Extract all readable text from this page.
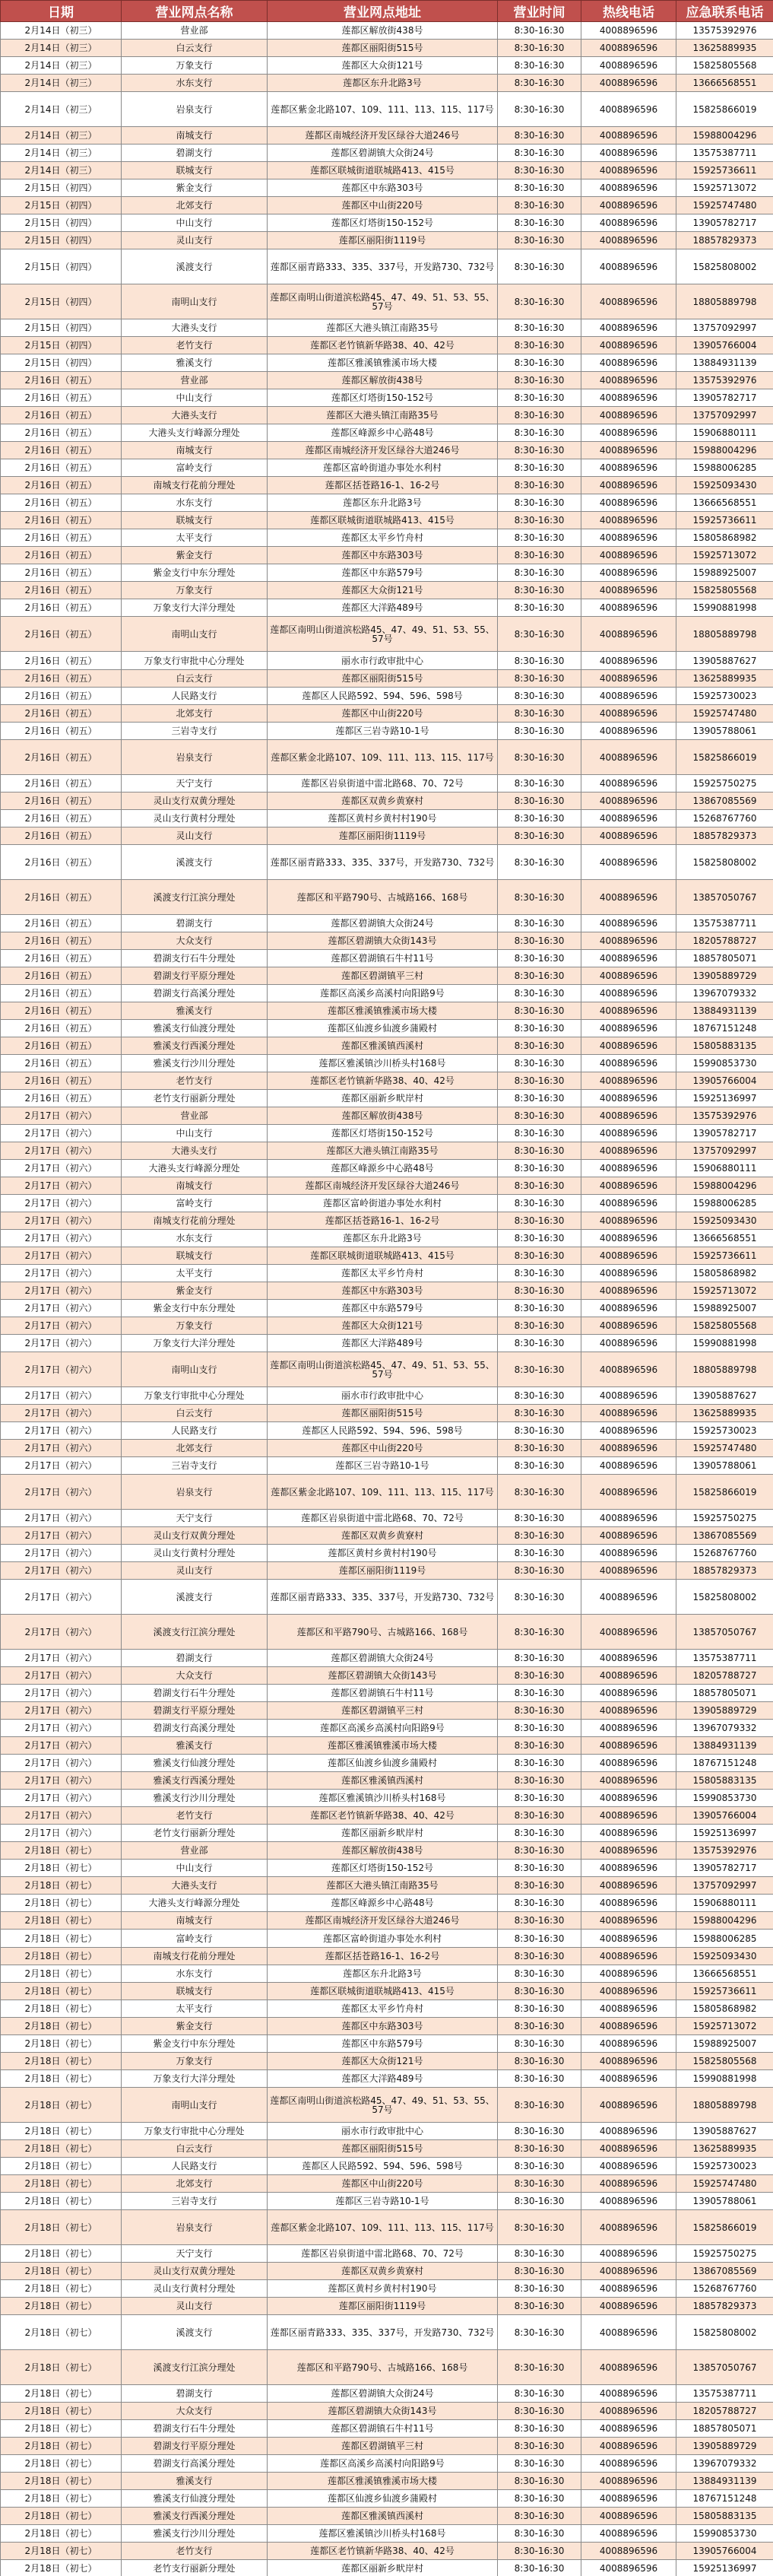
日期	营业网点名称	营业网点地址	营业时间	热线电话	应急联系电话
2月14日（初三）	营业部	莲都区解放街438号	8:30-16:30	4008896596	13575392976
2月14日（初三）	白云支行	莲都区丽阳街515号	8:30-16:30	4008896596	13625889935
2月14日（初三）	万象支行	莲都区大众街121号	8:30-16:30	4008896596	15825805568
2月14日（初三）	水东支行	莲都区东升北路3号	8:30-16:30	4008896596	13666568551
2月14日（初三）	岩泉支行	莲都区紫金北路107、109、111、113、115、117号	8:30-16:30	4008896596	15825866019
2月14日（初三）	南城支行	莲都区南城经济开发区绿谷大道246号	8:30-16:30	4008896596	15988004296
2月14日（初三）	碧湖支行	莲都区碧湖镇大众街24号	8:30-16:30	4008896596	13575387711
2月14日（初三）	联城支行	莲都区联城街道联城路413、415号	8:30-16:30	4008896596	15925736611
2月15日（初四）	紫金支行	莲都区中东路303号	8:30-16:30	4008896596	15925713072
2月15日（初四）	北郊支行	莲都区中山街220号	8:30-16:30	4008896596	15925747480
2月15日（初四）	中山支行	莲都区灯塔街150-152号	8:30-16:30	4008896596	13905782717
2月15日（初四）	灵山支行	莲都区丽阳街1119号	8:30-16:30	4008896596	18857829373
2月15日（初四）	溪渡支行	莲都区丽青路333、335、337号，开发路730、732号	8:30-16:30	4008896596	15825808002
2月15日（初四）	南明山支行	莲都区南明山街道滨松路45、47、49、51、53、55、57号	8:30-16:30	4008896596	18805889798
2月15日（初四）	大港头支行	莲都区大港头镇江南路35号	8:30-16:30	4008896596	13757092997
2月15日（初四）	老竹支行	莲都区老竹镇新华路38、40、42号	8:30-16:30	4008896596	13905766004
2月15日（初四）	雅溪支行	莲都区雅溪镇雅溪市场大楼	8:30-16:30	4008896596	13884931139
2月16日（初五）	营业部	莲都区解放街438号	8:30-16:30	4008896596	13575392976
2月16日（初五）	中山支行	莲都区灯塔街150-152号	8:30-16:30	4008896596	13905782717
2月16日（初五）	大港头支行	莲都区大港头镇江南路35号	8:30-16:30	4008896596	13757092997
2月16日（初五）	大港头支行峰源分理处	莲都区峰源乡中心路48号	8:30-16:30	4008896596	15906880111
2月16日（初五）	南城支行	莲都区南城经济开发区绿谷大道246号	8:30-16:30	4008896596	15988004296
2月16日（初五）	富岭支行	莲都区富岭街道办事处水利村	8:30-16:30	4008896596	15988006285
2月16日（初五）	南城支行花前分理处	莲都区括苍路16-1、16-2号	8:30-16:30	4008896596	15925093430
2月16日（初五）	水东支行	莲都区东升北路3号	8:30-16:30	4008896596	13666568551
2月16日（初五）	联城支行	莲都区联城街道联城路413、415号	8:30-16:30	4008896596	15925736611
2月16日（初五）	太平支行	莲都区太平乡竹舟村	8:30-16:30	4008896596	15805868982
2月16日（初五）	紫金支行	莲都区中东路303号	8:30-16:30	4008896596	15925713072
2月16日（初五）	紫金支行中东分理处	莲都区中东路579号	8:30-16:30	4008896596	15988925007
2月16日（初五）	万象支行	莲都区大众街121号	8:30-16:30	4008896596	15825805568
2月16日（初五）	万象支行大洋分理处	莲都区大洋路489号	8:30-16:30	4008896596	15990881998
2月16日（初五）	南明山支行	莲都区南明山街道滨松路45、47、49、51、53、55、57号	8:30-16:30	4008896596	18805889798
2月16日（初五）	万象支行审批中心分理处	丽水市行政审批中心	8:30-16:30	4008896596	13905887627
2月16日（初五）	白云支行	莲都区丽阳街515号	8:30-16:30	4008896596	13625889935
2月16日（初五）	人民路支行	莲都区人民路592、594、596、598号	8:30-16:30	4008896596	15925730023
2月16日（初五）	北郊支行	莲都区中山街220号	8:30-16:30	4008896596	15925747480
2月16日（初五）	三岩寺支行	莲都区三岩寺路10-1号	8:30-16:30	4008896596	13905788061
2月16日（初五）	岩泉支行	莲都区紫金北路107、109、111、113、115、117号	8:30-16:30	4008896596	15825866019
2月16日（初五）	天宁支行	莲都区岩泉街道中雷北路68、70、72号	8:30-16:30	4008896596	15925750275
2月16日（初五）	灵山支行双黄分理处	莲都区双黄乡黄寮村	8:30-16:30	4008896596	13867085569
2月16日（初五）	灵山支行黄村分理处	莲都区黄村乡黄村村190号	8:30-16:30	4008896596	15268767760
2月16日（初五）	灵山支行	莲都区丽阳街1119号	8:30-16:30	4008896596	18857829373
2月16日（初五）	溪渡支行	莲都区丽青路333、335、337号，开发路730、732号	8:30-16:30	4008896596	15825808002
2月16日（初五）	溪渡支行江滨分理处	莲都区和平路790号、古城路166、168号	8:30-16:30	4008896596	13857050767
2月16日（初五）	碧湖支行	莲都区碧湖镇大众街24号	8:30-16:30	4008896596	13575387711
2月16日（初五）	大众支行	莲都区碧湖镇大众街143号	8:30-16:30	4008896596	18205788727
2月16日（初五）	碧湖支行石牛分理处	莲都区碧湖镇石牛村11号	8:30-16:30	4008896596	18857805071
2月16日（初五）	碧湖支行平原分理处	莲都区碧湖镇平三村	8:30-16:30	4008896596	13905889729
2月16日（初五）	碧湖支行高溪分理处	莲都区高溪乡高溪村向阳路9号	8:30-16:30	4008896596	13967079332
2月16日（初五）	雅溪支行	莲都区雅溪镇雅溪市场大楼	8:30-16:30	4008896596	13884931139
2月16日（初五）	雅溪支行仙渡分理处	莲都区仙渡乡仙渡乡蒲殿村	8:30-16:30	4008896596	18767151248
2月16日（初五）	雅溪支行西溪分理处	莲都区雅溪镇西溪村	8:30-16:30	4008896596	15805883135
2月16日（初五）	雅溪支行沙川分理处	莲都区雅溪镇沙川桥头村168号	8:30-16:30	4008896596	15990853730
2月16日（初五）	老竹支行	莲都区老竹镇新华路38、40、42号	8:30-16:30	4008896596	13905766004
2月16日（初五）	老竹支行丽新分理处	莲都区丽新乡畎岸村	8:30-16:30	4008896596	15925136997
2月17日（初六）	营业部	莲都区解放街438号	8:30-16:30	4008896596	13575392976
2月17日（初六）	中山支行	莲都区灯塔街150-152号	8:30-16:30	4008896596	13905782717
2月17日（初六）	大港头支行	莲都区大港头镇江南路35号	8:30-16:30	4008896596	13757092997
2月17日（初六）	大港头支行峰源分理处	莲都区峰源乡中心路48号	8:30-16:30	4008896596	15906880111
2月17日（初六）	南城支行	莲都区南城经济开发区绿谷大道246号	8:30-16:30	4008896596	15988004296
2月17日（初六）	富岭支行	莲都区富岭街道办事处水利村	8:30-16:30	4008896596	15988006285
2月17日（初六）	南城支行花前分理处	莲都区括苍路16-1、16-2号	8:30-16:30	4008896596	15925093430
2月17日（初六）	水东支行	莲都区东升北路3号	8:30-16:30	4008896596	13666568551
2月17日（初六）	联城支行	莲都区联城街道联城路413、415号	8:30-16:30	4008896596	15925736611
2月17日（初六）	太平支行	莲都区太平乡竹舟村	8:30-16:30	4008896596	15805868982
2月17日（初六）	紫金支行	莲都区中东路303号	8:30-16:30	4008896596	15925713072
2月17日（初六）	紫金支行中东分理处	莲都区中东路579号	8:30-16:30	4008896596	15988925007
2月17日（初六）	万象支行	莲都区大众街121号	8:30-16:30	4008896596	15825805568
2月17日（初六）	万象支行大洋分理处	莲都区大洋路489号	8:30-16:30	4008896596	15990881998
2月17日（初六）	南明山支行	莲都区南明山街道滨松路45、47、49、51、53、55、57号	8:30-16:30	4008896596	18805889798
2月17日（初六）	万象支行审批中心分理处	丽水市行政审批中心	8:30-16:30	4008896596	13905887627
2月17日（初六）	白云支行	莲都区丽阳街515号	8:30-16:30	4008896596	13625889935
2月17日（初六）	人民路支行	莲都区人民路592、594、596、598号	8:30-16:30	4008896596	15925730023
2月17日（初六）	北郊支行	莲都区中山街220号	8:30-16:30	4008896596	15925747480
2月17日（初六）	三岩寺支行	莲都区三岩寺路10-1号	8:30-16:30	4008896596	13905788061
2月17日（初六）	岩泉支行	莲都区紫金北路107、109、111、113、115、117号	8:30-16:30	4008896596	15825866019
2月17日（初六）	天宁支行	莲都区岩泉街道中雷北路68、70、72号	8:30-16:30	4008896596	15925750275
2月17日（初六）	灵山支行双黄分理处	莲都区双黄乡黄寮村	8:30-16:30	4008896596	13867085569
2月17日（初六）	灵山支行黄村分理处	莲都区黄村乡黄村村190号	8:30-16:30	4008896596	15268767760
2月17日（初六）	灵山支行	莲都区丽阳街1119号	8:30-16:30	4008896596	18857829373
2月17日（初六）	溪渡支行	莲都区丽青路333、335、337号，开发路730、732号	8:30-16:30	4008896596	15825808002
2月17日（初六）	溪渡支行江滨分理处	莲都区和平路790号、古城路166、168号	8:30-16:30	4008896596	13857050767
2月17日（初六）	碧湖支行	莲都区碧湖镇大众街24号	8:30-16:30	4008896596	13575387711
2月17日（初六）	大众支行	莲都区碧湖镇大众街143号	8:30-16:30	4008896596	18205788727
2月17日（初六）	碧湖支行石牛分理处	莲都区碧湖镇石牛村11号	8:30-16:30	4008896596	18857805071
2月17日（初六）	碧湖支行平原分理处	莲都区碧湖镇平三村	8:30-16:30	4008896596	13905889729
2月17日（初六）	碧湖支行高溪分理处	莲都区高溪乡高溪村向阳路9号	8:30-16:30	4008896596	13967079332
2月17日（初六）	雅溪支行	莲都区雅溪镇雅溪市场大楼	8:30-16:30	4008896596	13884931139
2月17日（初六）	雅溪支行仙渡分理处	莲都区仙渡乡仙渡乡蒲殿村	8:30-16:30	4008896596	18767151248
2月17日（初六）	雅溪支行西溪分理处	莲都区雅溪镇西溪村	8:30-16:30	4008896596	15805883135
2月17日（初六）	雅溪支行沙川分理处	莲都区雅溪镇沙川桥头村168号	8:30-16:30	4008896596	15990853730
2月17日（初六）	老竹支行	莲都区老竹镇新华路38、40、42号	8:30-16:30	4008896596	13905766004
2月17日（初六）	老竹支行丽新分理处	莲都区丽新乡畎岸村	8:30-16:30	4008896596	15925136997
2月18日（初七）	营业部	莲都区解放街438号	8:30-16:30	4008896596	13575392976
2月18日（初七）	中山支行	莲都区灯塔街150-152号	8:30-16:30	4008896596	13905782717
2月18日（初七）	大港头支行	莲都区大港头镇江南路35号	8:30-16:30	4008896596	13757092997
2月18日（初七）	大港头支行峰源分理处	莲都区峰源乡中心路48号	8:30-16:30	4008896596	15906880111
2月18日（初七）	南城支行	莲都区南城经济开发区绿谷大道246号	8:30-16:30	4008896596	15988004296
2月18日（初七）	富岭支行	莲都区富岭街道办事处水利村	8:30-16:30	4008896596	15988006285
2月18日（初七）	南城支行花前分理处	莲都区括苍路16-1、16-2号	8:30-16:30	4008896596	15925093430
2月18日（初七）	水东支行	莲都区东升北路3号	8:30-16:30	4008896596	13666568551
2月18日（初七）	联城支行	莲都区联城街道联城路413、415号	8:30-16:30	4008896596	15925736611
2月18日（初七）	太平支行	莲都区太平乡竹舟村	8:30-16:30	4008896596	15805868982
2月18日（初七）	紫金支行	莲都区中东路303号	8:30-16:30	4008896596	15925713072
2月18日（初七）	紫金支行中东分理处	莲都区中东路579号	8:30-16:30	4008896596	15988925007
2月18日（初七）	万象支行	莲都区大众街121号	8:30-16:30	4008896596	15825805568
2月18日（初七）	万象支行大洋分理处	莲都区大洋路489号	8:30-16:30	4008896596	15990881998
2月18日（初七）	南明山支行	莲都区南明山街道滨松路45、47、49、51、53、55、57号	8:30-16:30	4008896596	18805889798
2月18日（初七）	万象支行审批中心分理处	丽水市行政审批中心	8:30-16:30	4008896596	13905887627
2月18日（初七）	白云支行	莲都区丽阳街515号	8:30-16:30	4008896596	13625889935
2月18日（初七）	人民路支行	莲都区人民路592、594、596、598号	8:30-16:30	4008896596	15925730023
2月18日（初七）	北郊支行	莲都区中山街220号	8:30-16:30	4008896596	15925747480
2月18日（初七）	三岩寺支行	莲都区三岩寺路10-1号	8:30-16:30	4008896596	13905788061
2月18日（初七）	岩泉支行	莲都区紫金北路107、109、111、113、115、117号	8:30-16:30	4008896596	15825866019
2月18日（初七）	天宁支行	莲都区岩泉街道中雷北路68、70、72号	8:30-16:30	4008896596	15925750275
2月18日（初七）	灵山支行双黄分理处	莲都区双黄乡黄寮村	8:30-16:30	4008896596	13867085569
2月18日（初七）	灵山支行黄村分理处	莲都区黄村乡黄村村190号	8:30-16:30	4008896596	15268767760
2月18日（初七）	灵山支行	莲都区丽阳街1119号	8:30-16:30	4008896596	18857829373
2月18日（初七）	溪渡支行	莲都区丽青路333、335、337号，开发路730、732号	8:30-16:30	4008896596	15825808002
2月18日（初七）	溪渡支行江滨分理处	莲都区和平路790号、古城路166、168号	8:30-16:30	4008896596	13857050767
2月18日（初七）	碧湖支行	莲都区碧湖镇大众街24号	8:30-16:30	4008896596	13575387711
2月18日（初七）	大众支行	莲都区碧湖镇大众街143号	8:30-16:30	4008896596	18205788727
2月18日（初七）	碧湖支行石牛分理处	莲都区碧湖镇石牛村11号	8:30-16:30	4008896596	18857805071
2月18日（初七）	碧湖支行平原分理处	莲都区碧湖镇平三村	8:30-16:30	4008896596	13905889729
2月18日（初七）	碧湖支行高溪分理处	莲都区高溪乡高溪村向阳路9号	8:30-16:30	4008896596	13967079332
2月18日（初七）	雅溪支行	莲都区雅溪镇雅溪市场大楼	8:30-16:30	4008896596	13884931139
2月18日（初七）	雅溪支行仙渡分理处	莲都区仙渡乡仙渡乡蒲殿村	8:30-16:30	4008896596	18767151248
2月18日（初七）	雅溪支行西溪分理处	莲都区雅溪镇西溪村	8:30-16:30	4008896596	15805883135
2月18日（初七）	雅溪支行沙川分理处	莲都区雅溪镇沙川桥头村168号	8:30-16:30	4008896596	15990853730
2月18日（初七）	老竹支行	莲都区老竹镇新华路38、40、42号	8:30-16:30	4008896596	13905766004
2月18日（初七）	老竹支行丽新分理处	莲都区丽新乡畎岸村	8:30-16:30	4008896596	15925136997
